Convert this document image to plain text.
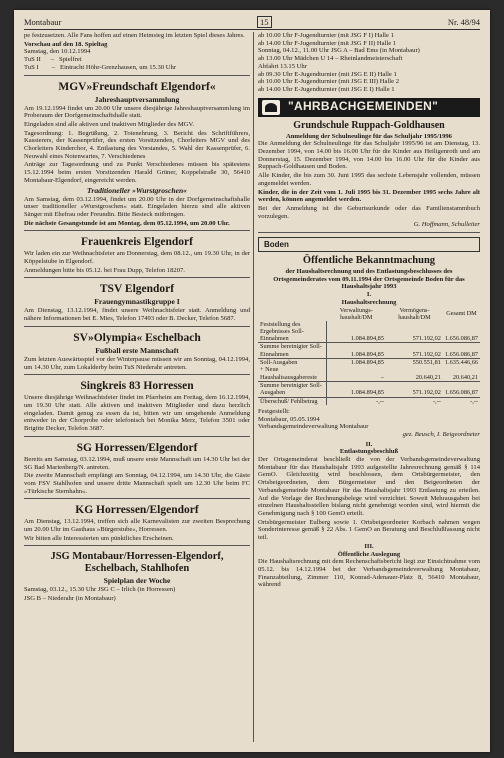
Montabaur	15	Nr. 48/94

pe festzusetzen. Alle Fans hoffen auf einen Heimsieg im letzten Spiel dieses Jahres.

Vorschau auf den 18. Spieltag
Samstag, den 10.12.1994
TuS II – Spielfrei
TuS I – Eintracht Höhr-Grenzhausen, um 15.30 Uhr
MGV»Freundschaft Elgendorf«
Jahreshauptversammlung

Am 19.12.1994 findet um 20.00 Uhr unsere diesjährige Jahreshauptversammlung im Proberaum der Dorfgemeinschaftshalle statt.

Eingeladen sind alle aktiven und inaktiven Mitglieder des MGV.

Tagesordnung: 1. Begrüßung, 2. Totenehrung, 3. Bericht des Schriftführers, Kassierers, der Kassenprüfer, des ersten Vorsitzenden, Chorleiters MGV und des Chorleiters Kinderchor, 4. Entlastung des Vorstandes, 5. Wahl der Kassenprüfer, 6. Neuwahl eines Notenwartes, 7. Verschiedenes

Anträge zur Tagesordnung und zu Punkt Verschiedenes müssen bis spätestens 15.12.1994 beim ersten Vorsitzenden Harald Grüner, Koppelstraße 30, 56410 Montabaur-Elgendorf, eingereicht werden.

Traditioneller »Wurstgroschen«

Am Samstag, dem 03.12.1994, findet um 20.00 Uhr in der Dorfgemeinschaftshalle unser traditioneller »Wurstgroschen« statt. Eingeladen hierzu sind alle aktiven Sänger mit Ehefrau oder Freundin. Bitte Besteck mitbringen.

Die nächste Gesangstunde ist am Montag, dem 05.12.1994, um 20.00 Uhr.

Frauenkreis Elgendorf

Wir laden ein zur Weihnachtsfeier am Donnerstag, dem 08.12., um 19.30 Uhr, in der Köppelstube in Elgendorf.

Anmeldungen bitte bis 05.12. bei Frau Dupp, Telefon 18207.

TSV Elgendorf
Frauengymnastikgruppe I

Am Dienstag, 13.12.1994, findet unsere Weihnachtsfeier statt. Anmeldung und nähere Informationen bei E. Mies, Telefon 17493 oder B. Decker, Telefon 5687.

SV»Olympia« Eschelbach
Fußball erste Mannschaft

Zum letzten Auswärtsspiel vor der Winterpause müssen wir am Sonntag, 04.12.1994, um 14.30 Uhr, zum Lokalderby beim TuS Niederahr antreten.

Singkreis 83 Horressen

Unsere diesjährige Weihnachtsfeier findet im Pfarrheim am Freitag, dem 16.12.1994, um 19.30 Uhr statt. Alle aktiven und inaktiven Mitglieder sind dazu herzlich eingeladen. Damit genug zu essen da ist, bitten wir um umgehende Anmeldung entweder in der Chorprobe oder telefonisch bei Monika Merz, Telefon 3501 oder Brigitte Decker, Telefon 3687.

SG Horressen/Elgendorf

Bereits am Samstag, 03.12.1994, muß unsere erste Mannschaft um 14.30 Uhr bei der SG Bad Marienberg/N. antreten.

Die zweite Mannschaft empfängt am Sonntag, 04.12.1994, um 14.30 Uhr, die Gäste vom FSV Stahlhofen und unsere dritte Mannschaft spielt um 12.30 Uhr beim FC »Türkische Sternhahn«.

KG Horressen/Elgendorf

Am Dienstag, 13.12.1994, treffen sich alle Karnevalisten zur zweiten Besprechung um 20.00 Uhr im Gasthaus »Bürgerstube«, Horressen.

Wir bitten alle Interessierten um pünktliches Erscheinen.

JSG Montabaur/Horressen-Elgendorf, Eschelbach, Stahlhofen
Spielplan der Woche

Samstag, 03.12., 15.30 Uhr JSG C – Irlich (in Horressen)

JSG B – Niederahr (in Montabaur)

ab 10.00 Uhr F-Jugendturnier (mit JSG F I) Halle 1
ab 14.00 Uhr F-Jugendturnier (mit JSG F II) Halle 1
Sonntag, 04.12., 11.00 Uhr JSG A – Bad Ems (in Montabaur)
ab 13.00 Uhr Mädchen U 14 – Rheinlandmeisterschaft
Abfahrt 13.15 Uhr
ab 09.30 Uhr E-Jugendturnier (mit JSG E II) Halle 1
ab 10.00 Uhr E-Jugendturnier (mit JSG E III) Halle 2
ab 14.00 Uhr E-Jugendturnier (mit JSG E I) Halle 1
"AHRBACHGEMEINDEN"
Grundschule Ruppach-Goldhausen
Anmeldung der Schulneulinge für das Schuljahr 1995/1996

Die Anmeldung der Schulneulinge für das Schuljahr 1995/96 ist am Dienstag, 13. Dezember 1994, von 14.00 bis 16.00 Uhr für die Kinder aus Heiligenroth und am Donnerstag, 15. Dezember 1994, von 14.00 bis 16.00 Uhr für die Kinder aus Ruppach-Goldhausen und Boden.

Alle Kinder, die bis zum 30. Juni 1995 das sechste Lebensjahr vollenden, müssen angemeldet werden.

Kinder, die in der Zeit vom 1. Juli 1995 bis 31. Dezember 1995 sechs Jahre alt werden, können angemeldet werden.

Bei der Anmeldung ist die Geburtsurkunde oder das Familienstammbuch vorzulegen.

G. Hoffmann, Schulleiter
Boden
Öffentliche Bekanntmachung
der Haushaltsrechnung und des Entlastungsbeschlusses des Ortsgemeinderates vom 09.11.1994 der Ortsgemeinde Boden für das Haushaltsjahr 1993
I.
Haushaltsrechnung
	Verwaltungs-haushalt/DM	Vermögens-haushalt/DM	Gesamt DM
Feststellung des Ergebnisses Soll-Einnahmen	1.084.894,85	571.192,02	1.656.086,87
Summe bereinigter Soll-Einnahmen	1.084.894,85	571.192,02	1.656.086,87
Soll-Ausgaben	1.084.894,85	550.551,81	1.635.446,66
+ Neue Haushaltsausgabereste	–	20.640,21	20.640,21
Summe bereinigter Soll-Ausgaben	1.084.894,85	571.192,02	1.656.086,87
Überschuß/ Fehlbetrag	-,--	-,--	-,--
Festgestellt:
Montabaur, 05.05.1994
Verbandsgemeindeverwaltung Montabaur
gez. Beusch, I. Beigeordneter
II.
Entlastungsbeschluß

Der Ortsgemeinderat beschließt die von der Verbandsgemeindeverwaltung Montabaur für das Haushaltsjahr 1993 aufgestellte Jahresrechnung gemäß § 114 GemO. Gleichzeitig wird beschlossen, dem Ortsbürgermeister, den Ortsbeigeordneten, dem Bürgermeister und den Beigeordneten der Verbandsgemeinde Montabaur für das Haushaltsjahr 1993 Entlastung zu erteilen. Auf die Vorlage der Rechnungsbelege wird verzichtet. Soweit Mehrausgaben bei einzelnen Haushaltsstellen bislang nicht genehmigt worden sind, wird hiermit die Genehmigung nach § 100 GemO erteilt.

Ortsbürgermeister Eulberg sowie 1. Ortsbeigeordneter Korbach nahmen wegen Sonderinteresse gemäß § 22 Abs. 1 GemO an Beratung und Beschlußfassung nicht teil.

III.
Öffentliche Auslegung

Die Haushaltsrechnung mit dem Rechenschaftsbericht liegt zur Einsichtnahme vom 05.12. bis 14.12.1994 bei der Verbandsgemeindeverwaltung Montabaur, Finanzabteilung, Zimmer 110, Konrad-Adenauer-Platz 8, 56410 Montabaur, während
